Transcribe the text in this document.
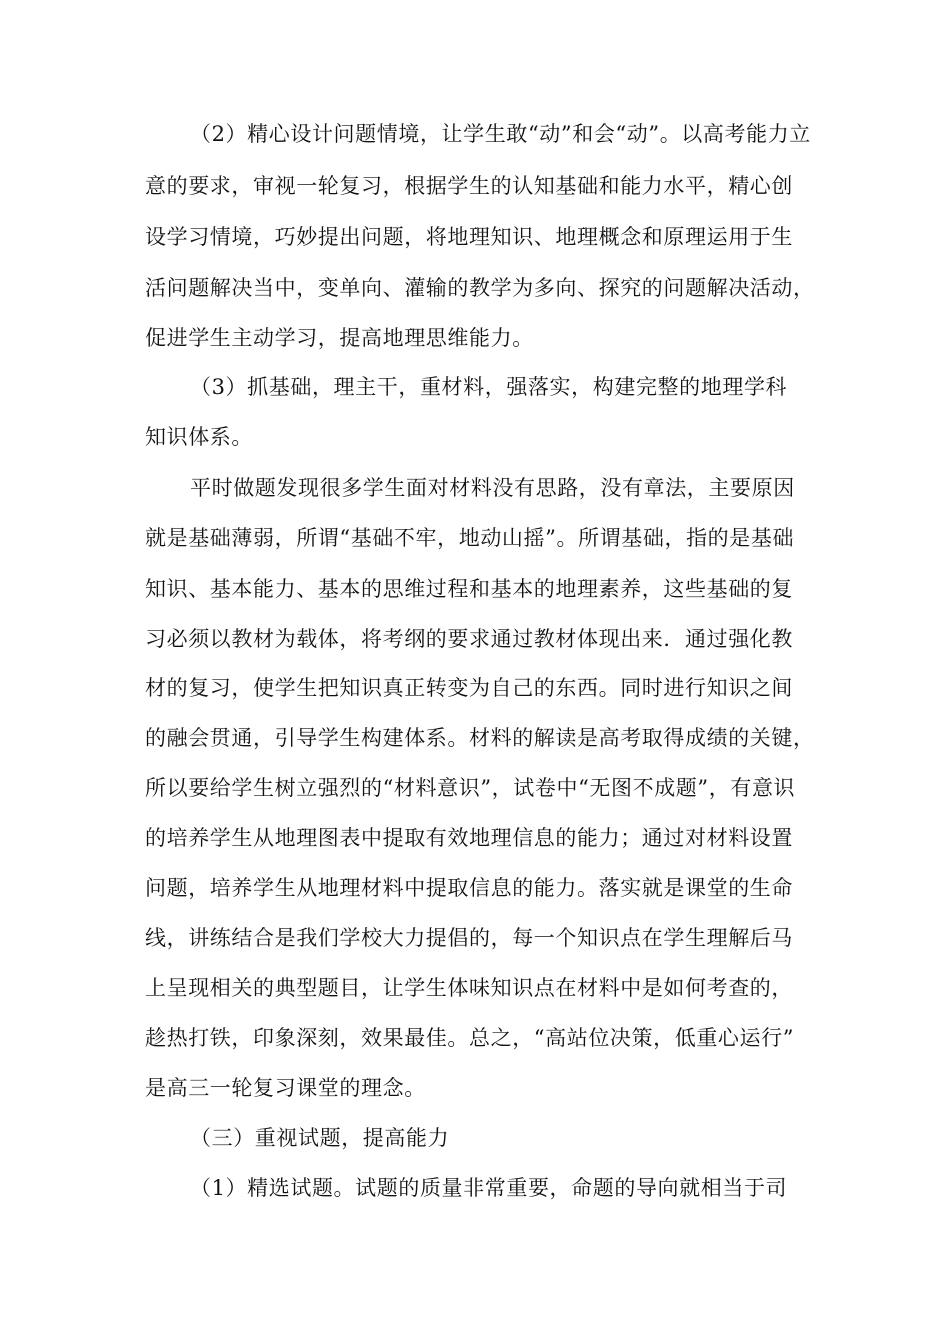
（2）精心设计问题情境，让学生敢“动”和会“动”。以高考能力立
意的要求，审视一轮复习，根据学生的认知基础和能力水平，精心创
设学习情境，巧妙提出问题，将地理知识、地理概念和原理运用于生
活问题解决当中，变单向、灌输的教学为多向、探究的问题解决活动，
促进学生主动学习，提高地理思维能力。
（3）抓基础，理主干，重材料，强落实，构建完整的地理学科
知识体系。
平时做题发现很多学生面对材料没有思路，没有章法，主要原因
就是基础薄弱，所谓“基础不牢，地动山摇”。所谓基础，指的是基础
知识、基本能力、基本的思维过程和基本的地理素养，这些基础的复
习必须以教材为载体，将考纲的要求通过教材体现出来．通过强化教
材的复习，使学生把知识真正转变为自己的东西。同时进行知识之间
的融会贯通，引导学生构建体系。材料的解读是高考取得成绩的关键，
所以要给学生树立强烈的“材料意识”，试卷中“无图不成题”，有意识
的培养学生从地理图表中提取有效地理信息的能力；通过对材料设置
问题，培养学生从地理材料中提取信息的能力。落实就是课堂的生命
线，讲练结合是我们学校大力提倡的，每一个知识点在学生理解后马
上呈现相关的典型题目，让学生体味知识点在材料中是如何考查的，
趁热打铁，印象深刻，效果最佳。总之，“高站位决策，低重心运行”
是高三一轮复习课堂的理念。
（三）重视试题，提高能力
（1）精选试题。试题的质量非常重要，命题的导向就相当于司
